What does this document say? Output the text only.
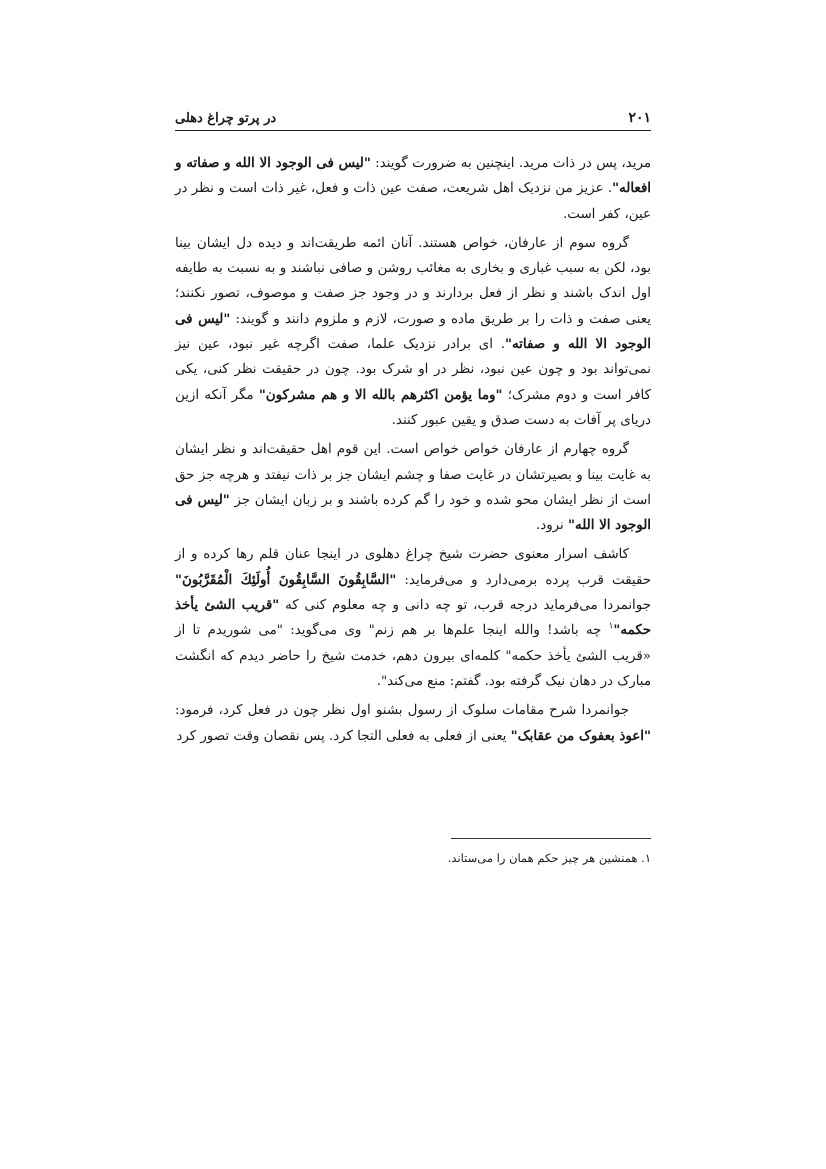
۲۰۱
در پرتو چراغ دهلی

مرید، پس در ذات مرید. اینچنین به ضرورت گویند: "لیس فی الوجود الا الله و صفاته و افعاله". عزیز من نزدیک اهل شریعت، صفت عین ذات و فعل، غیر ذات است و نظر در عین، کفر است.

گروه سوم از عارفان، خواص هستند. آنان ائمه طریقت‌اند و دیده دل ایشان بینا بود، لکن به سبب غباری و بخاری به مغائب روشن و صافی نباشند و به نسبت به طایفه اول اندک باشند و نظر از فعل بردارند و در وجود جز صفت و موصوف، تصور نکنند؛ یعنی صفت و ذات را بر طریق ماده و صورت، لازم و ملزوم دانند و گویند: "لیس فی الوجود الا الله و صفاته". ای برادر نزدیک علما، صفت اگرچه غیر نبود، عین نیز نمی‌تواند بود و چون عین نبود، نظر در او شرک بود. چون در حقیقت نظر کنی، یکی کافر است و دوم مشرک؛ "وما یؤمن اکثرهم بالله الا و هم مشرکون" مگر آنکه ازین دریای پر آفات به دست صدق و یقین عبور کنند.

گروه چهارم از عارفان خواص خواص است. این قوم اهل حقیقت‌اند و نظر ایشان به غایت بینا و بصیرتشان در غایت صفا و چشم ایشان جز بر ذات نیفتد و هرچه جز حق است از نظر ایشان محو شده و خود را گم کرده باشند و بر زبان ایشان جز "لیس فی الوجود الا الله" نرود.

کاشف اسرار معنوی حضرت شیخ چراغ دهلوی در اینجا عنان قلم رها کرده و از حقیقت قرب پرده برمی‌دارد و می‌فرماید: "السَّابِقُونَ السَّابِقُونَ أُولَئِكَ الْمُقَرَّبُونَ" جوانمردا می‌فرماید درجه قرب، تو چه دانی و چه معلوم کنی که "قریب الشئ یأخذ حکمه"$^۱$ چه باشد! والله اینجا علم‌ها بر هم زنم" وی می‌گوید: "می شوریدم تا از «قریب الشئ یأخذ حکمه" کلمه‌ای بیرون دهم، خدمت شیخ را حاضر دیدم که انگشت مبارک در دهان نیک گرفته بود. گفتم: منع می‌کند".

جوانمردا شرح مقامات سلوک از رسول بشنو اول نظر چون در فعل کرد، فرمود: "اعوذ بعفوک من عقابک" یعنی از فعلی به فعلی التجا کرد. پس نقصان وقت تصور کرد

۱. همنشین هر چیز حکم همان را می‌ستاند.
